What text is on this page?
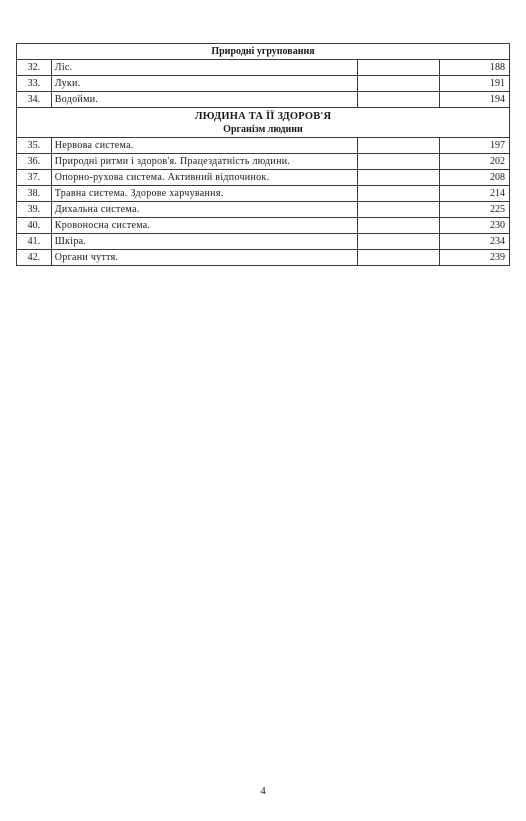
Природні угруповання			
32.	Ліс.		188
33.	Луки.		191
34.	Водойми.		194

ЛЮДИНА ТА ЇЇ ЗДОРОВ'Я
Організм людини			

35.	Нервова система.		197
36.	Природні ритми і здоров'я. Працездатність людини.		202
37.	Опорно-рухова система. Активний відпочинок.		208
38.	Травна система. Здорове харчування.		214
39.	Дихальна система.		225
40.	Кровоносна система.		230
41.	Шкіра.		234
42.	Органи чуття.		239
4
